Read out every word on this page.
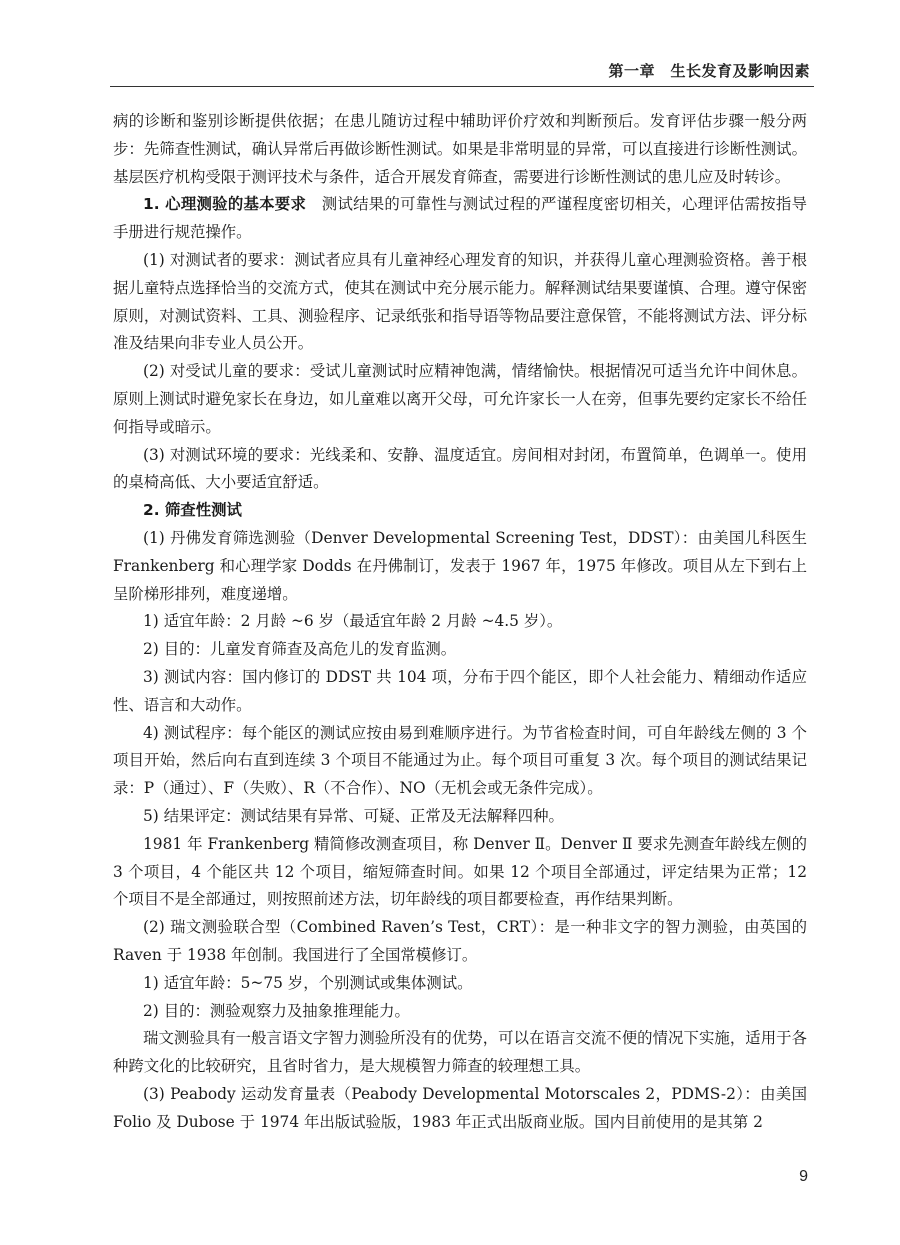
第一章　生长发育及影响因素

病的诊断和鉴别诊断提供依据；在患儿随访过程中辅助评价疗效和判断预后。发育评估步骤一般分两步：先筛查性测试，确认异常后再做诊断性测试。如果是非常明显的异常，可以直接进行诊断性测试。基层医疗机构受限于测评技术与条件，适合开展发育筛查，需要进行诊断性测试的患儿应及时转诊。

1. 心理测验的基本要求　测试结果的可靠性与测试过程的严谨程度密切相关，心理评估需按指导手册进行规范操作。

(1) 对测试者的要求：测试者应具有儿童神经心理发育的知识，并获得儿童心理测验资格。善于根据儿童特点选择恰当的交流方式，使其在测试中充分展示能力。解释测试结果要谨慎、合理。遵守保密原则，对测试资料、工具、测验程序、记录纸张和指导语等物品要注意保管，不能将测试方法、评分标准及结果向非专业人员公开。

(2) 对受试儿童的要求：受试儿童测试时应精神饱满，情绪愉快。根据情况可适当允许中间休息。原则上测试时避免家长在身边，如儿童难以离开父母，可允许家长一人在旁，但事先要约定家长不给任何指导或暗示。

(3) 对测试环境的要求：光线柔和、安静、温度适宜。房间相对封闭，布置简单，色调单一。使用的桌椅高低、大小要适宜舒适。

2. 筛查性测试

(1) 丹佛发育筛选测验（Denver Developmental Screening Test，DDST）：由美国儿科医生 Frankenberg 和心理学家 Dodds 在丹佛制订，发表于 1967 年，1975 年修改。项目从左下到右上呈阶梯形排列，难度递增。

1) 适宜年龄：2 月龄 ~6 岁（最适宜年龄 2 月龄 ~4.5 岁）。

2) 目的：儿童发育筛查及高危儿的发育监测。

3) 测试内容：国内修订的 DDST 共 104 项，分布于四个能区，即个人社会能力、精细动作适应性、语言和大动作。

4) 测试程序：每个能区的测试应按由易到难顺序进行。为节省检查时间，可自年龄线左侧的 3 个项目开始，然后向右直到连续 3 个项目不能通过为止。每个项目可重复 3 次。每个项目的测试结果记录：P（通过）、F（失败）、R（不合作）、NO（无机会或无条件完成）。

5) 结果评定：测试结果有异常、可疑、正常及无法解释四种。

1981 年 Frankenberg 精简修改测查项目，称 Denver Ⅱ。Denver Ⅱ 要求先测查年龄线左侧的 3 个项目，4 个能区共 12 个项目，缩短筛查时间。如果 12 个项目全部通过，评定结果为正常；12 个项目不是全部通过，则按照前述方法，切年龄线的项目都要检查，再作结果判断。

(2) 瑞文测验联合型（Combined Raven’s Test，CRT）：是一种非文字的智力测验，由英国的 Raven 于 1938 年创制。我国进行了全国常模修订。

1) 适宜年龄：5~75 岁，个别测试或集体测试。

2) 目的：测验观察力及抽象推理能力。

瑞文测验具有一般言语文字智力测验所没有的优势，可以在语言交流不便的情况下实施，适用于各种跨文化的比较研究，且省时省力，是大规模智力筛查的较理想工具。

(3) Peabody 运动发育量表（Peabody Developmental Motorscales 2，PDMS-2）：由美国 Folio 及 Dubose 于 1974 年出版试验版，1983 年正式出版商业版。国内目前使用的是其第 2

9
